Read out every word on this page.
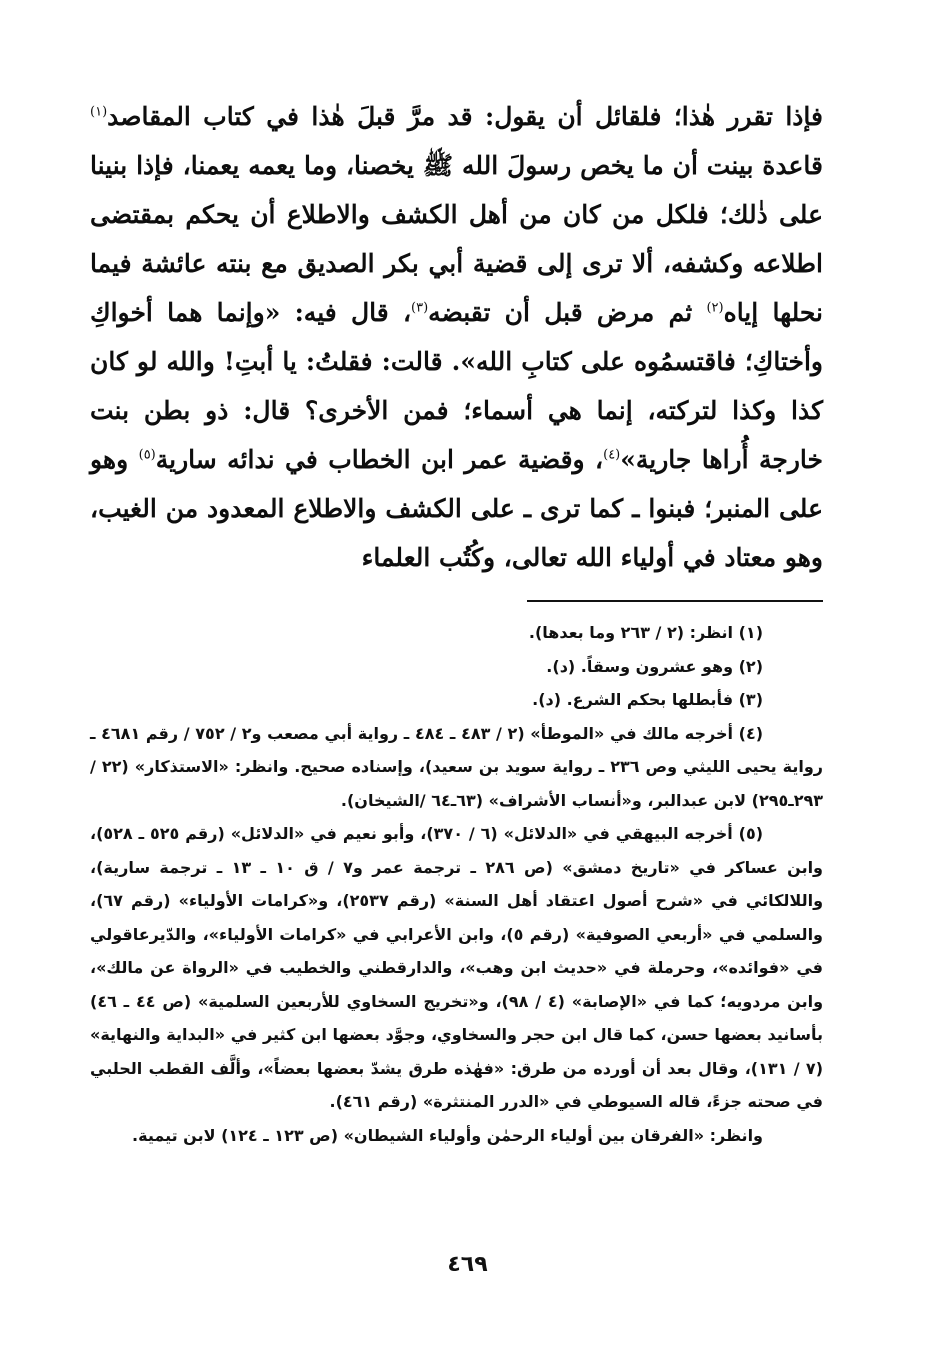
فإذا تقرر هٰذا؛ فلقائل أن يقول: قد مرَّ قبلَ هٰذا في كتاب المقاصد$^{(١)}$ قاعدة بينت أن ما يخص رسولَ الله ﷺ يخصنا، وما يعمه يعمنا، فإذا بنينا على ذٰلك؛ فلكل من كان من أهل الكشف والاطلاع أن يحكم بمقتضى اطلاعه وكشفه، ألا ترى إلى قضية أبي بكر الصديق مع بنته عائشة فيما نحلها إياه$^{(٢)}$ ثم مرض قبل أن تقبضه$^{(٣)}$، قال فيه: «وإنما هما أخواكِ وأختاكِ؛ فاقتسمُوه على كتابِ الله». قالت: فقلتُ: يا أبتِ! والله لو كان كذا وكذا لتركته، إنما هي أسماء؛ فمن الأخرى؟ قال: ذو بطن بنت خارجة أُراها جارية»$^{(٤)}$، وقضية عمر ابن الخطاب في ندائه سارية$^{(٥)}$ وهو على المنبر؛ فبنوا ـ كما ترى ـ على الكشف والاطلاع المعدود من الغيب، وهو معتاد في أولياء الله تعالى، وكُتُب العلماء

(١) انظر: (٢ / ٢٦٣ وما بعدها).

(٢) وهو عشرون وسقاً. (د).

(٣) فأبطلها بحكم الشرع. (د).

(٤) أخرجه مالك في «الموطأ» (٢ / ٤٨٣ ـ ٤٨٤ ـ رواية أبي مصعب و٢ / ٧٥٢ / رقم ٤٦٨١ ـ رواية يحيى الليثي وص ٢٣٦ ـ رواية سويد بن سعيد)، وإسناده صحيح. وانظر: «الاستذكار» (٢٢ /٢٩٣ـ٢٩٥) لابن عبدالبر، و«أنساب الأشراف» (٦٣ـ٦٤ /الشيخان).

(٥) أخرجه البيهقي في «الدلائل» (٦ / ٣٧٠)، وأبو نعيم في «الدلائل» (رقم ٥٢٥ ـ ٥٢٨)، وابن عساكر في «تاريخ دمشق» (ص ٢٨٦ ـ ترجمة عمر و٧ / ق ١٠ ـ ١٣ ـ ترجمة سارية)، واللالكائي في «شرح أصول اعتقاد أهل السنة» (رقم ٢٥٣٧)، و«كرامات الأولياء» (رقم ٦٧)، والسلمي في «أربعي الصوفية» (رقم ٥)، وابن الأعرابي في «كرامات الأولياء»، والدّيرعاقولي في «فوائده»، وحرملة في «حديث ابن وهب»، والدارقطني والخطيب في «الرواة عن مالك»، وابن مردويه؛ كما في «الإصابة» (٤ / ٩٨)، و«تخريج السخاوي للأربعين السلمية» (ص ٤٤ ـ ٤٦) بأسانيد بعضها حسن، كما قال ابن حجر والسخاوي، وجوَّد بعضها ابن كثير في «البداية والنهاية» (٧ / ١٣١)، وقال بعد أن أورده من طرق: «فهٰذه طرق يشدّ بعضها بعضاً»، وألَّف القطب الحلبي في صحته جزءً، قاله السيوطي في «الدرر المنتثرة» (رقم ٤٦١).

وانظر: «الفرقان بين أولياء الرحمٰن وأولياء الشيطان» (ص ١٢٣ ـ ١٢٤) لابن تيمية.

٤٦٩
